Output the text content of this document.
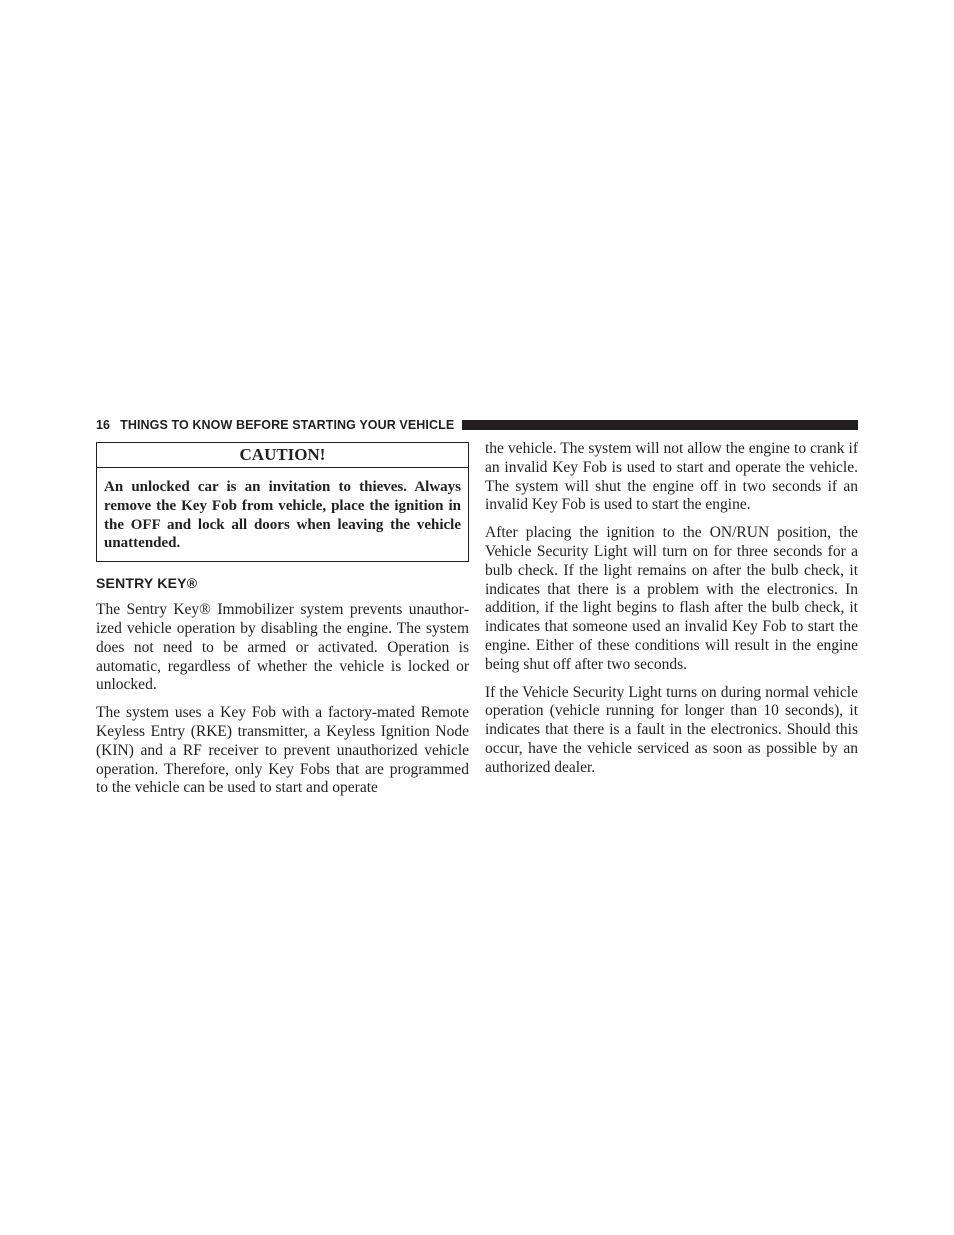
16 THINGS TO KNOW BEFORE STARTING YOUR VEHICLE
CAUTION!
An unlocked car is an invitation to thieves. Always remove the Key Fob from vehicle, place the ignition in the OFF and lock all doors when leaving the vehicle unattended.
SENTRY KEY®

The Sentry Key® Immobilizer system prevents unauthorized vehicle operation by disabling the engine. The system does not need to be armed or activated. Operation is automatic, regardless of whether the vehicle is locked or unlocked.

The system uses a Key Fob with a factory-mated Remote Keyless Entry (RKE) transmitter, a Keyless Ignition Node (KIN) and a RF receiver to prevent unauthorized vehicle operation. Therefore, only Key Fobs that are programmed to the vehicle can be used to start and operate

the vehicle. The system will not allow the engine to crank if an invalid Key Fob is used to start and operate the vehicle. The system will shut the engine off in two seconds if an invalid Key Fob is used to start the engine.

After placing the ignition to the ON/RUN position, the Vehicle Security Light will turn on for three seconds for a bulb check. If the light remains on after the bulb check, it indicates that there is a problem with the electronics. In addition, if the light begins to flash after the bulb check, it indicates that someone used an invalid Key Fob to start the engine. Either of these conditions will result in the engine being shut off after two seconds.

If the Vehicle Security Light turns on during normal vehicle operation (vehicle running for longer than 10 seconds), it indicates that there is a fault in the electronics. Should this occur, have the vehicle serviced as soon as possible by an authorized dealer.
